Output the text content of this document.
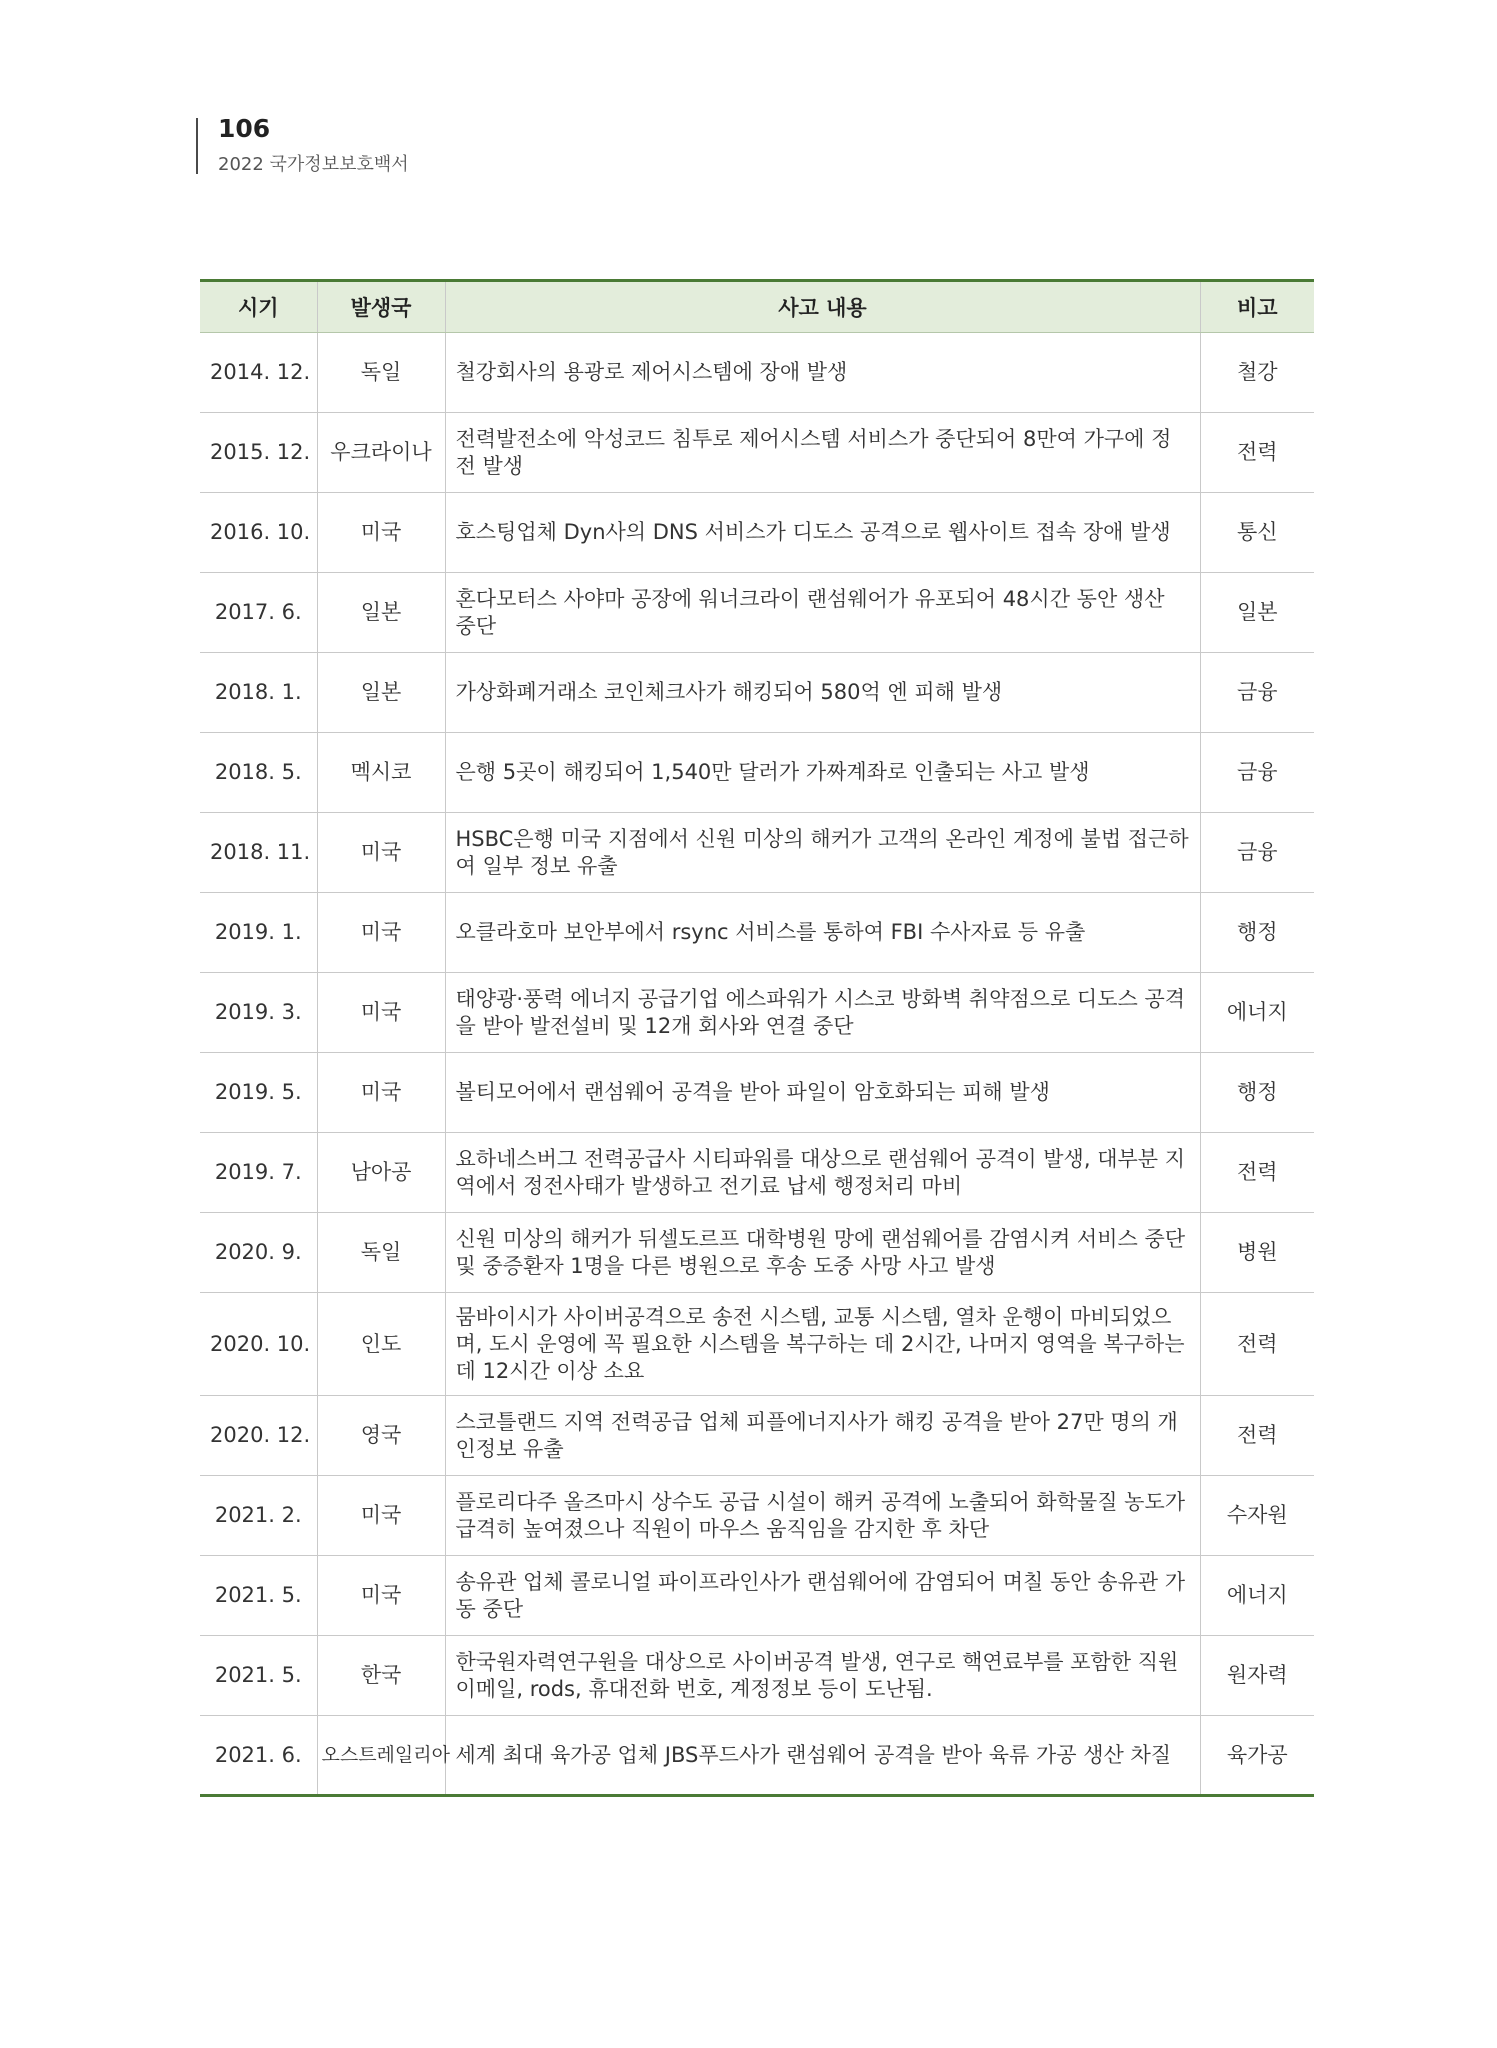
106
2022 국가정보보호백서
시기	발생국	사고 내용	비고
2014. 12.	독일	철강회사의 용광로 제어시스템에 장애 발생	철강
2015. 12.	우크라이나	전력발전소에 악성코드 침투로 제어시스템 서비스가 중단되어 8만여 가구에 정전 발생	전력
2016. 10.	미국	호스팅업체 Dyn사의 DNS 서비스가 디도스 공격으로 웹사이트 접속 장애 발생	통신
2017. 6.	일본	혼다모터스 사야마 공장에 워너크라이 랜섬웨어가 유포되어 48시간 동안 생산 중단	일본
2018. 1.	일본	가상화폐거래소 코인체크사가 해킹되어 580억 엔 피해 발생	금융
2018. 5.	멕시코	은행 5곳이 해킹되어 1,540만 달러가 가짜계좌로 인출되는 사고 발생	금융
2018. 11.	미국	HSBC은행 미국 지점에서 신원 미상의 해커가 고객의 온라인 계정에 불법 접근하여 일부 정보 유출	금융
2019. 1.	미국	오클라호마 보안부에서 rsync 서비스를 통하여 FBI 수사자료 등 유출	행정
2019. 3.	미국	태양광·풍력 에너지 공급기업 에스파워가 시스코 방화벽 취약점으로 디도스 공격을 받아 발전설비 및 12개 회사와 연결 중단	에너지
2019. 5.	미국	볼티모어에서 랜섬웨어 공격을 받아 파일이 암호화되는 피해 발생	행정
2019. 7.	남아공	요하네스버그 전력공급사 시티파워를 대상으로 랜섬웨어 공격이 발생, 대부분 지역에서 정전사태가 발생하고 전기료 납세 행정처리 마비	전력
2020. 9.	독일	신원 미상의 해커가 뒤셀도르프 대학병원 망에 랜섬웨어를 감염시켜 서비스 중단 및 중증환자 1명을 다른 병원으로 후송 도중 사망 사고 발생	병원
2020. 10.	인도	뭄바이시가 사이버공격으로 송전 시스템, 교통 시스템, 열차 운행이 마비되었으며, 도시 운영에 꼭 필요한 시스템을 복구하는 데 2시간, 나머지 영역을 복구하는 데 12시간 이상 소요	전력
2020. 12.	영국	스코틀랜드 지역 전력공급 업체 피플에너지사가 해킹 공격을 받아 27만 명의 개인정보 유출	전력
2021. 2.	미국	플로리다주 올즈마시 상수도 공급 시설이 해커 공격에 노출되어 화학물질 농도가 급격히 높여졌으나 직원이 마우스 움직임을 감지한 후 차단	수자원
2021. 5.	미국	송유관 업체 콜로니얼 파이프라인사가 랜섬웨어에 감염되어 며칠 동안 송유관 가동 중단	에너지
2021. 5.	한국	한국원자력연구원을 대상으로 사이버공격 발생, 연구로 핵연료부를 포함한 직원 이메일, rods, 휴대전화 번호, 계정정보 등이 도난됨.	원자력
2021. 6.	오스트레일리아	세계 최대 육가공 업체 JBS푸드사가 랜섬웨어 공격을 받아 육류 가공 생산 차질	육가공
